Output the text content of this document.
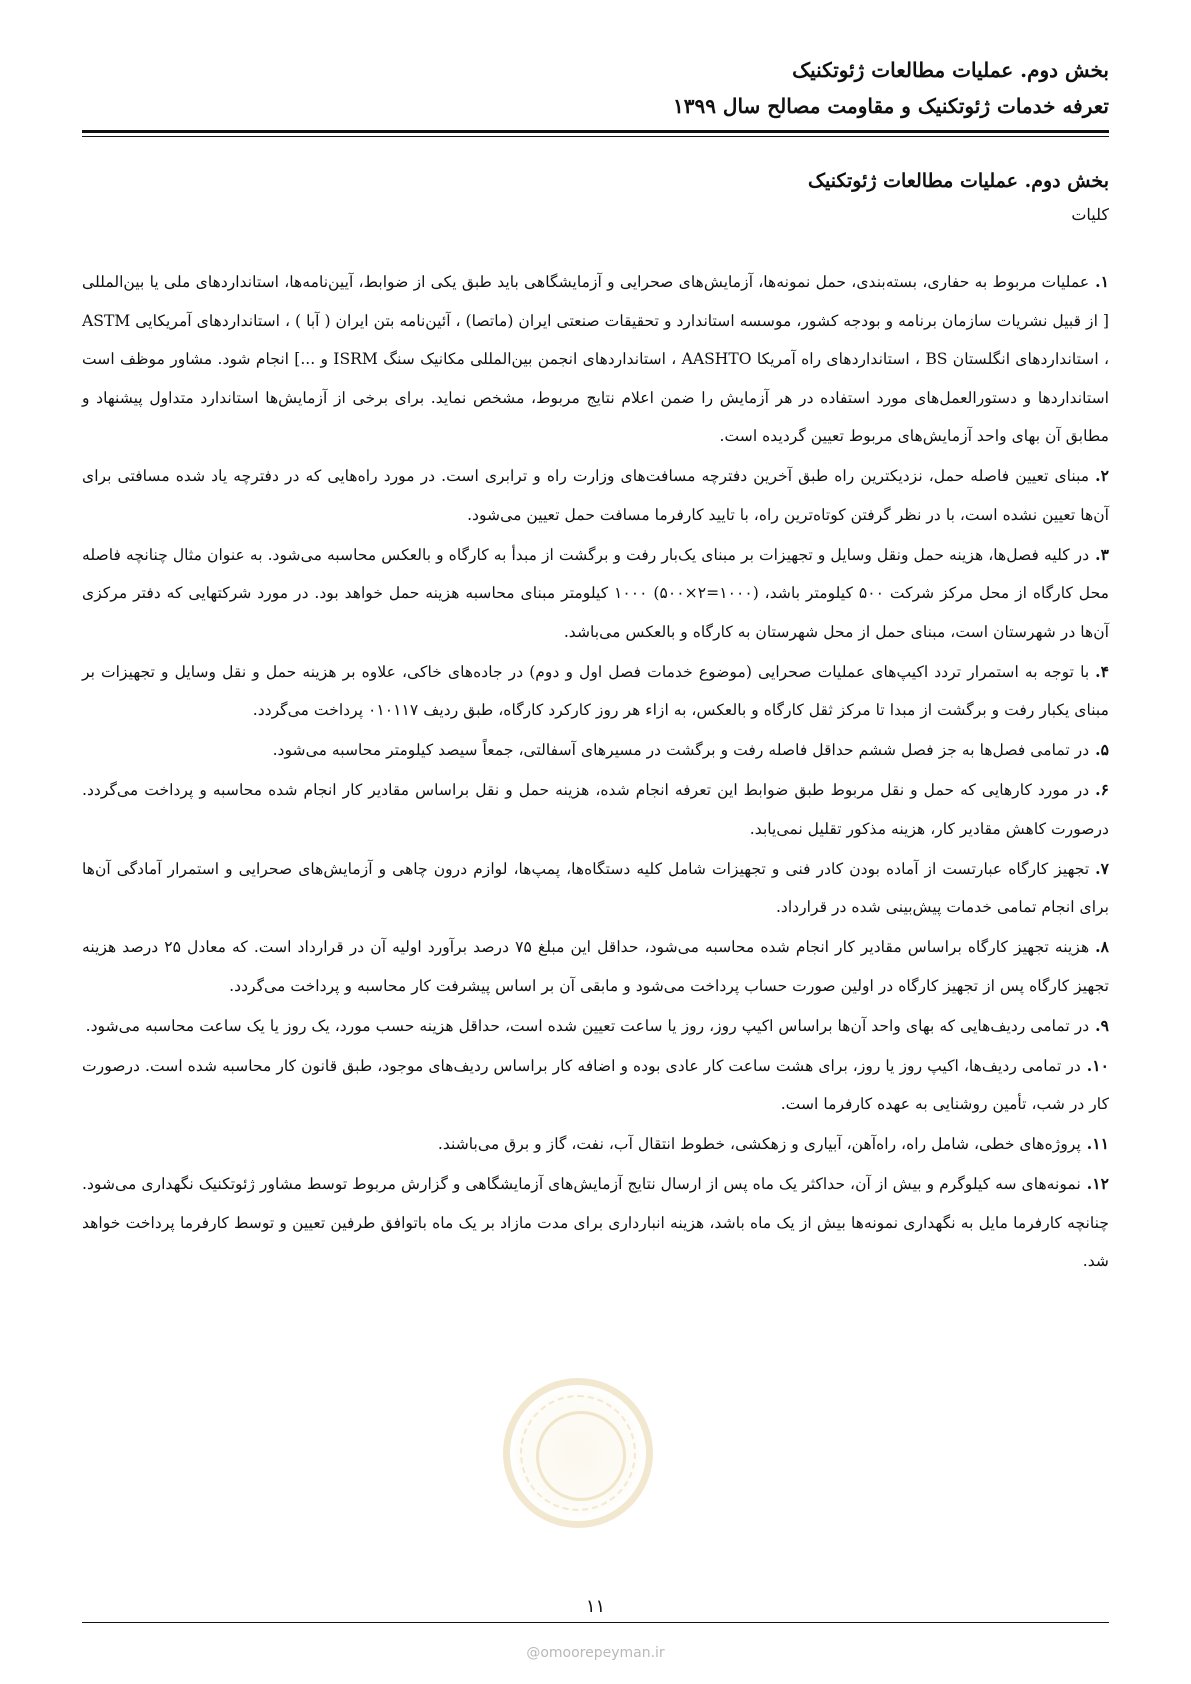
بخش دوم. عملیات مطالعات ژئوتکنیک
تعرفه خدمات ژئوتکنیک و مقاومت مصالح سال ۱۳۹۹
بخش دوم. عملیات مطالعات ژئوتکنیک
کلیات

۱.عملیات مربوط به حفاری، بسته‌بندی، حمل نمونه‌ها، آزمایش‌های صحرایی و آزمایشگاهی باید طبق یکی از ضوابط، آیین‌نامه‌ها، استانداردهای ملی یا بین‌المللی [ از قبیل نشریات سازمان برنامه و بودجه کشور، موسسه استاندارد و تحقیقات صنعتی ایران (ماتصا) ، آئین‌نامه بتن ایران ( آبا ) ، استانداردهای آمریکایی ASTM ، استانداردهای انگلستان BS ، استانداردهای راه آمریکا AASHTO ، استانداردهای انجمن بین‌المللی مکانیک سنگ ISRM و ...] انجام شود. مشاور موظف است استانداردها و دستورالعمل‌های مورد استفاده در هر آزمایش را ضمن اعلام نتایج مربوط، مشخص نماید. برای برخی از آزمایش‌ها استاندارد متداول پیشنهاد و مطابق آن بهای واحد آزمایش‌های مربوط تعیین گردیده است.

۲.مبنای تعیین فاصله حمل، نزدیکترین راه طبق آخرین دفترچه مسافت‌های وزارت راه و ترابری است. در مورد راه‌هایی که در دفترچه یاد شده مسافتی برای آن‌ها تعیین نشده است، با در نظر گرفتن کوتاه‌ترین راه، با تایید کارفرما مسافت حمل تعیین می‌شود.

۳.در کلیه فصل‌ها، هزینه حمل ونقل وسایل و تجهیزات بر مبنای یک‌بار رفت و برگشت از مبدأ به کارگاه و بالعکس محاسبه می‌شود. به عنوان مثال چنانچه فاصله محل کارگاه از محل مرکز شرکت ۵۰۰ کیلومتر باشد، (۱۰۰۰=۲×۵۰۰) ۱۰۰۰ کیلومتر مبنای محاسبه هزینه حمل خواهد بود. در مورد شرکتهایی که دفتر مرکزی آن‌ها در شهرستان است، مبنای حمل از محل شهرستان به کارگاه و بالعکس می‌باشد.

۴.با توجه به استمرار تردد اکیپ‌های عملیات صحرایی (موضوع خدمات فصل اول و دوم) در جاده‌های خاکی، علاوه بر هزینه حمل و نقل وسایل و تجهیزات بر مبنای یکبار رفت و برگشت از مبدا تا مرکز ثقل کارگاه و بالعکس، به ازاء هر روز کارکرد کارگاه، طبق ردیف ۰۱۰۱۱۷ پرداخت می‌گردد.

۵.در تمامی فصل‌ها به جز فصل ششم حداقل فاصله رفت و برگشت در مسیرهای آسفالتی، جمعاً سیصد کیلومتر محاسبه می‌شود.

۶.در مورد کارهایی که حمل و نقل مربوط طبق ضوابط این تعرفه انجام شده، هزینه حمل و نقل براساس مقادیر کار انجام شده محاسبه و پرداخت می‌گردد. درصورت کاهش مقادیر کار، هزینه مذکور تقلیل نمی‌یابد.

۷.تجهیز کارگاه عبارتست از آماده بودن کادر فنی و تجهیزات شامل کلیه دستگاه‌ها، پمپ‌ها، لوازم درون چاهی و آزمایش‌های صحرایی و استمرار آمادگی آن‌ها برای انجام تمامی خدمات پیش‌بینی شده در قرارداد.

۸.هزینه تجهیز کارگاه براساس مقادیر کار انجام شده محاسبه می‌شود، حداقل این مبلغ ۷۵ درصد برآورد اولیه آن در قرارداد است. که معادل ۲۵ درصد هزینه تجهیز کارگاه پس از تجهیز کارگاه در اولین صورت حساب پرداخت می‌شود و مابقی آن بر اساس پیشرفت کار محاسبه و پرداخت می‌گردد.

۹.در تمامی ردیف‌هایی که بهای واحد آن‌ها براساس اکیپ روز، روز یا ساعت تعیین شده است، حداقل هزینه حسب مورد، یک روز یا یک ساعت محاسبه می‌شود.

۱۰.در تمامی ردیف‌ها، اکیپ روز یا روز، برای هشت ساعت کار عادی بوده و اضافه کار براساس ردیف‌های موجود، طبق قانون کار محاسبه شده است. درصورت کار در شب، تأمین روشنایی به عهده کارفرما است.

۱۱.پروژه‌های خطی، شامل راه، راه‌آهن، آبیاری و زهکشی، خطوط انتقال آب، نفت، گاز و برق می‌باشند.

۱۲.نمونه‌های سه کیلوگرم و بیش از آن، حداکثر یک ماه پس از ارسال نتایج آزمایش‌های آزمایشگاهی و گزارش مربوط توسط مشاور ژئوتکنیک نگهداری می‌شود. چنانچه کارفرما مایل به نگهداری نمونه‌ها بیش از یک ماه باشد، هزینه انبارداری برای مدت مازاد بر یک ماه باتوافق طرفین تعیین و توسط کارفرما پرداخت خواهد شد.

۱۱
@omoorepeyman.ir
